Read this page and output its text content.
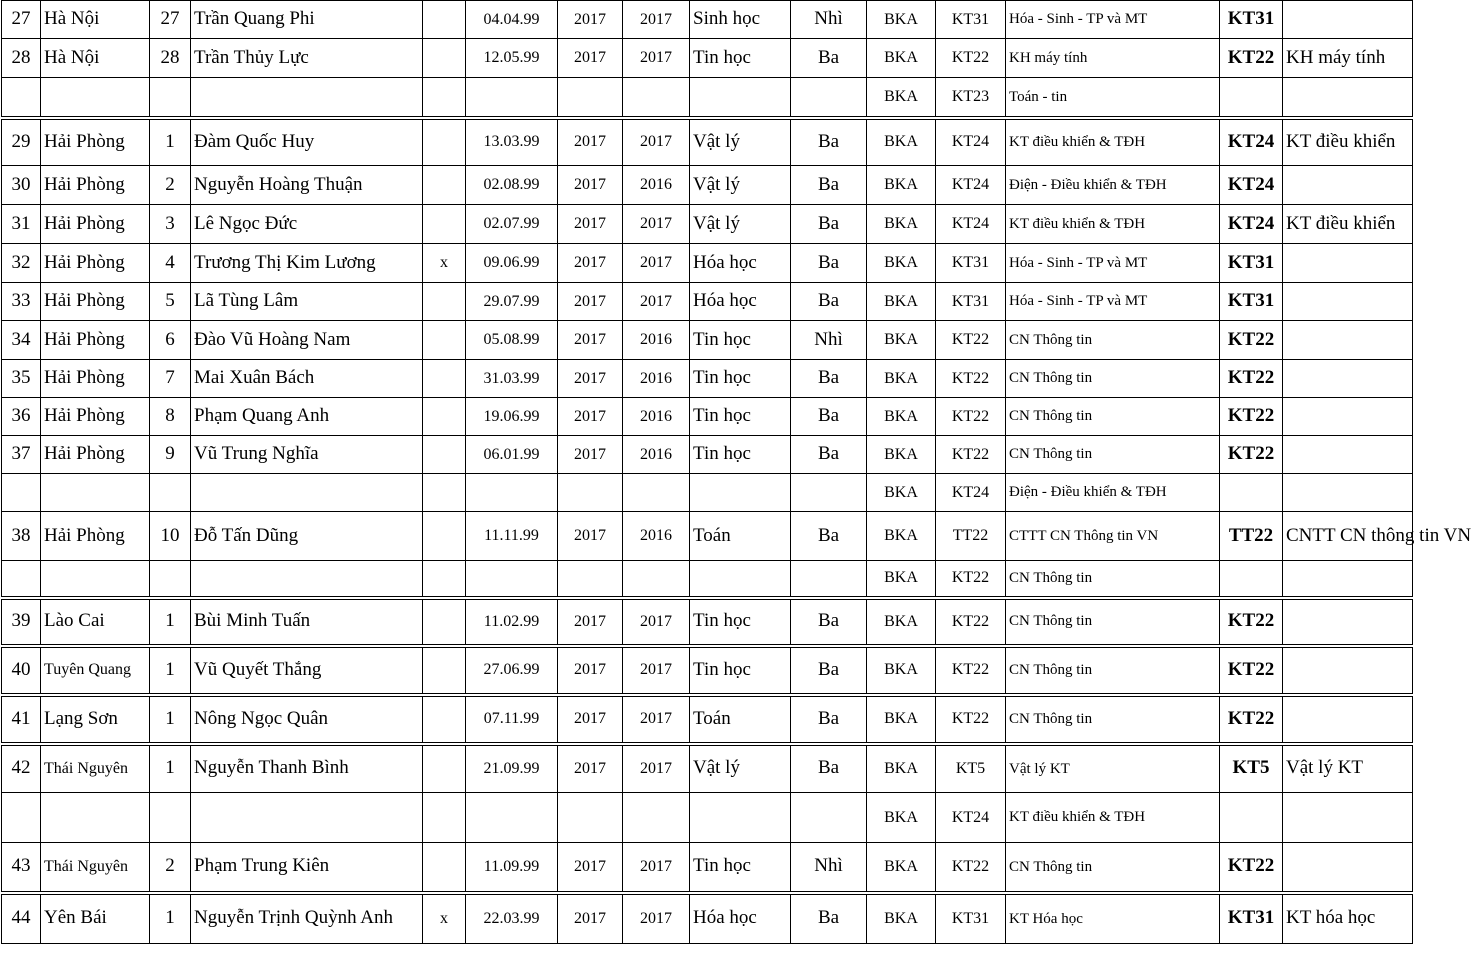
27	Hà Nội	27	Trần Quang Phi		04.04.99	2017	2017	Sinh học	Nhì	BKA	KT31	Hóa - Sinh - TP và MT	KT31	
28	Hà Nội	28	Trần Thủy Lực		12.05.99	2017	2017	Tin học	Ba	BKA	KT22	KH máy tính	KT22	KH máy tính
										BKA	KT23	Toán - tin		
29	Hải Phòng	1	Đàm Quốc Huy		13.03.99	2017	2017	Vật lý	Ba	BKA	KT24	KT điều khiển & TĐH	KT24	KT điều khiển
30	Hải Phòng	2	Nguyễn Hoàng Thuận		02.08.99	2017	2016	Vật lý	Ba	BKA	KT24	Điện - Điều khiển & TĐH	KT24	
31	Hải Phòng	3	Lê Ngọc Đức		02.07.99	2017	2017	Vật lý	Ba	BKA	KT24	KT điều khiển & TĐH	KT24	KT điều khiển
32	Hải Phòng	4	Trương Thị Kim Lương	x	09.06.99	2017	2017	Hóa học	Ba	BKA	KT31	Hóa - Sinh - TP và MT	KT31	
33	Hải Phòng	5	Lã Tùng Lâm		29.07.99	2017	2017	Hóa học	Ba	BKA	KT31	Hóa - Sinh - TP và MT	KT31	
34	Hải Phòng	6	Đào Vũ Hoàng Nam		05.08.99	2017	2016	Tin học	Nhì	BKA	KT22	CN Thông tin	KT22	
35	Hải Phòng	7	Mai Xuân Bách		31.03.99	2017	2016	Tin học	Ba	BKA	KT22	CN Thông tin	KT22	
36	Hải Phòng	8	Phạm Quang Anh		19.06.99	2017	2016	Tin học	Ba	BKA	KT22	CN Thông tin	KT22	
37	Hải Phòng	9	Vũ Trung Nghĩa		06.01.99	2017	2016	Tin học	Ba	BKA	KT22	CN Thông tin	KT22	
										BKA	KT24	Điện - Điều khiển & TĐH		
38	Hải Phòng	10	Đỗ Tấn Dũng		11.11.99	2017	2016	Toán	Ba	BKA	TT22	CTTT CN Thông tin VN	TT22	CNTT CN thông tin VN
										BKA	KT22	CN Thông tin		
39	Lào Cai	1	Bùi Minh Tuấn		11.02.99	2017	2017	Tin học	Ba	BKA	KT22	CN Thông tin	KT22	
40	Tuyên Quang	1	Vũ Quyết Thắng		27.06.99	2017	2017	Tin học	Ba	BKA	KT22	CN Thông tin	KT22	
41	Lạng Sơn	1	Nông Ngọc Quân		07.11.99	2017	2017	Toán	Ba	BKA	KT22	CN Thông tin	KT22	
42	Thái Nguyên	1	Nguyễn Thanh Bình		21.09.99	2017	2017	Vật lý	Ba	BKA	KT5	Vật lý KT	KT5	Vật lý KT
										BKA	KT24	KT điều khiển & TĐH		
43	Thái Nguyên	2	Phạm Trung Kiên		11.09.99	2017	2017	Tin học	Nhì	BKA	KT22	CN Thông tin	KT22	
44	Yên Bái	1	Nguyễn Trịnh Quỳnh Anh	x	22.03.99	2017	2017	Hóa học	Ba	BKA	KT31	KT Hóa học	KT31	KT hóa học
